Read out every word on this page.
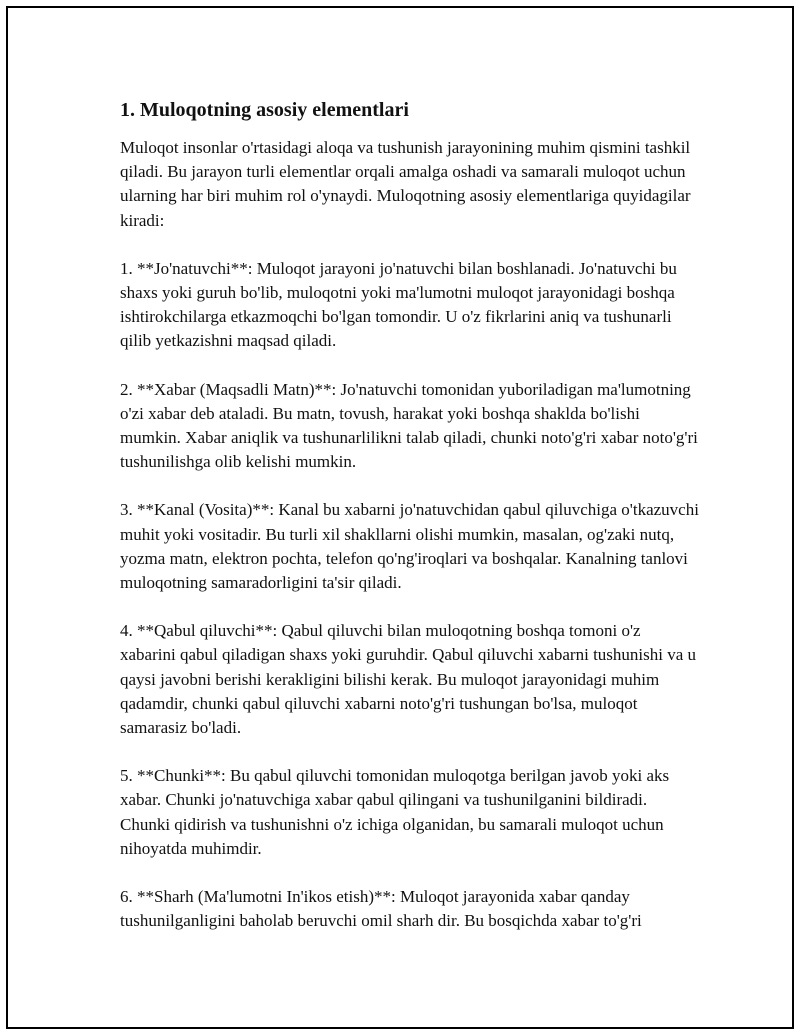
1. Muloqotning asosiy elementlari

Muloqot insonlar o'rtasidagi aloqa va tushunish jarayonining muhim qismini tashkil qiladi. Bu jarayon turli elementlar orqali amalga oshadi va samarali muloqot uchun ularning har biri muhim rol o'ynaydi. Muloqotning asosiy elementlariga quyidagilar kiradi:

1. **Jo'natuvchi**: Muloqot jarayoni jo'natuvchi bilan boshlanadi. Jo'natuvchi bu shaxs yoki guruh bo'lib, muloqotni yoki ma'lumotni muloqot jarayonidagi boshqa ishtirokchilarga etkazmoqchi bo'lgan tomondir. U o'z fikrlarini aniq va tushunarli qilib yetkazishni maqsad qiladi.

2. **Xabar (Maqsadli Matn)**: Jo'natuvchi tomonidan yuboriladigan ma'lumotning o'zi xabar deb ataladi. Bu matn, tovush, harakat yoki boshqa shaklda bo'lishi mumkin. Xabar aniqlik va tushunarlilikni talab qiladi, chunki noto'g'ri xabar noto'g'ri tushunilishga olib kelishi mumkin.

3. **Kanal (Vosita)**: Kanal bu xabarni jo'natuvchidan qabul qiluvchiga o'tkazuvchi muhit yoki vositadir. Bu turli xil shakllarni olishi mumkin, masalan, og'zaki nutq, yozma matn, elektron pochta, telefon qo'ng'iroqlari va boshqalar. Kanalning tanlovi muloqotning samaradorligini ta'sir qiladi.

4. **Qabul qiluvchi**: Qabul qiluvchi bilan muloqotning boshqa tomoni o'z xabarini qabul qiladigan shaxs yoki guruhdir. Qabul qiluvchi xabarni tushunishi va u qaysi javobni berishi kerakligini bilishi kerak. Bu muloqot jarayonidagi muhim qadamdir, chunki qabul qiluvchi xabarni noto'g'ri tushungan bo'lsa, muloqot samarasiz bo'ladi.

5. **Chunki**: Bu qabul qiluvchi tomonidan muloqotga berilgan javob yoki aks xabar. Chunki jo'natuvchiga xabar qabul qilingani va tushunilganini bildiradi. Chunki qidirish va tushunishni o'z ichiga olganidan, bu samarali muloqot uchun nihoyatda muhimdir.

6. **Sharh (Ma'lumotni In'ikos etish)**: Muloqot jarayonida xabar qanday tushunilganligini baholab beruvchi omil sharh dir. Bu bosqichda xabar to'g'ri
